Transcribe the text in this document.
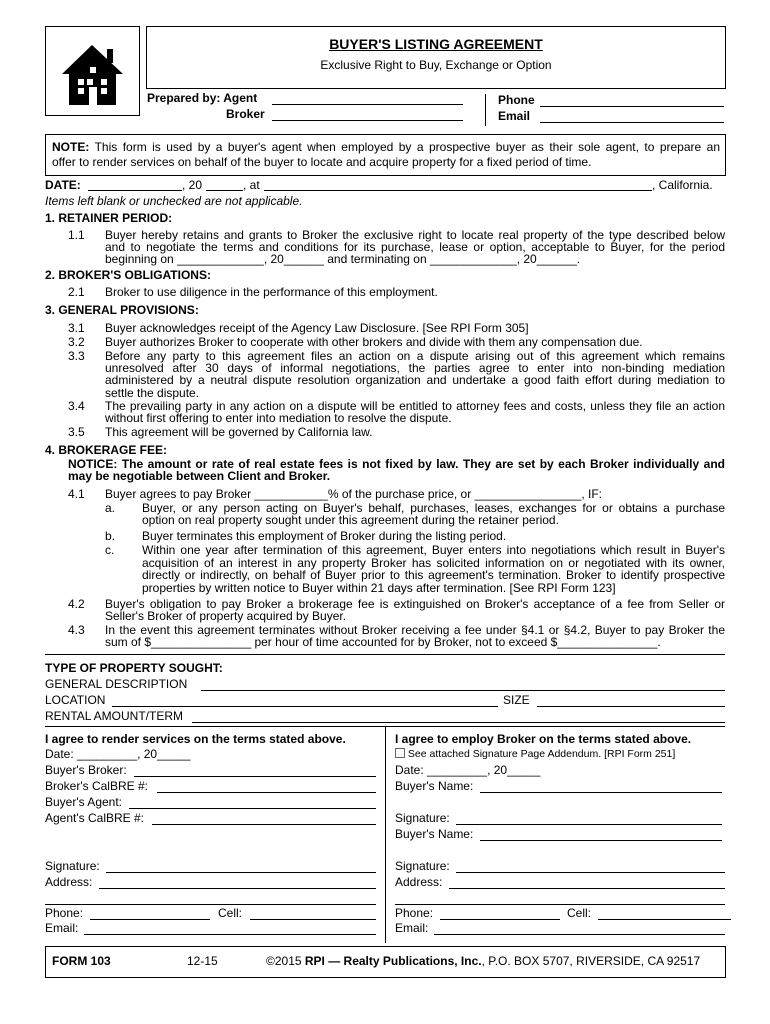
BUYER'S LISTING AGREEMENT
Exclusive Right to Buy, Exchange or Option
Prepared by: Agent
Broker
Phone
Email
NOTE: This form is used by a buyer's agent when employed by a prospective buyer as their sole agent, to prepare an
offer to render services on behalf of the buyer to locate and acquire property for a fixed period of time.
DATE:	, 20	, at	, California.
Items left blank or unchecked are not applicable.
1. RETAINER PERIOD:
1.1 Buyer hereby retains and grants to Broker the exclusive right to locate real property of the type described below
and to negotiate the terms and conditions for its purchase, lease or option, acceptable to Buyer, for the period
beginning on _____________, 20______ and terminating on _____________, 20______.
2. BROKER'S OBLIGATIONS:
2.1 Broker to use diligence in the performance of this employment.
3. GENERAL PROVISIONS:
3.1 Buyer acknowledges receipt of the Agency Law Disclosure. [See RPI Form 305]
3.2 Buyer authorizes Broker to cooperate with other brokers and divide with them any compensation due.
3.3 Before any party to this agreement files an action on a dispute arising out of this agreement which remains
unresolved after 30 days of informal negotiations, the parties agree to enter into non-binding mediation
administered by a neutral dispute resolution organization and undertake a good faith effort during mediation to
settle the dispute.
3.4 The prevailing party in any action on a dispute will be entitled to attorney fees and costs, unless they file an action
without first offering to enter into mediation to resolve the dispute.
3.5 This agreement will be governed by California law.
4. BROKERAGE FEE:
NOTICE: The amount or rate of real estate fees is not fixed by law. They are set by each Broker individually and
may be negotiable between Client and Broker.
4.1 Buyer agrees to pay Broker ___________% of the purchase price, or ________________, IF:
a. Buyer, or any person acting on Buyer's behalf, purchases, leases, exchanges for or obtains a purchase
option on real property sought under this agreement during the retainer period.
b. Buyer terminates this employment of Broker during the listing period.
c. Within one year after termination of this agreement, Buyer enters into negotiations which result in Buyer's
acquisition of an interest in any property Broker has solicited information on or negotiated with its owner,
directly or indirectly, on behalf of Buyer prior to this agreement's termination. Broker to identify prospective
properties by written notice to Buyer within 21 days after termination. [See RPI Form 123]
4.2 Buyer's obligation to pay Broker a brokerage fee is extinguished on Broker's acceptance of a fee from Seller or
Seller's Broker of property acquired by Buyer.
4.3 In the event this agreement terminates without Broker receiving a fee under §4.1 or §4.2, Buyer to pay Broker the
sum of $_______________ per hour of time accounted for by Broker, not to exceed $_______________.
TYPE OF PROPERTY SOUGHT:
GENERAL DESCRIPTION
LOCATION	SIZE
RENTAL AMOUNT/TERM
I agree to render services on the terms stated above.
Date: _________, 20_____
Buyer's Broker:
Broker's CalBRE #:
Buyer's Agent:
Agent's CalBRE #:
Signature:
Address:
Phone:	Cell:
Email:
I agree to employ Broker on the terms stated above.
See attached Signature Page Addendum. [RPI Form 251]
Date: _________, 20_____
Buyer's Name:
Signature:
Buyer's Name:
Signature:
Address:
Phone:	Cell:
Email:
FORM 103	12-15	©2015 RPI — Realty Publications, Inc., P.O. BOX 5707, RIVERSIDE, CA 92517
